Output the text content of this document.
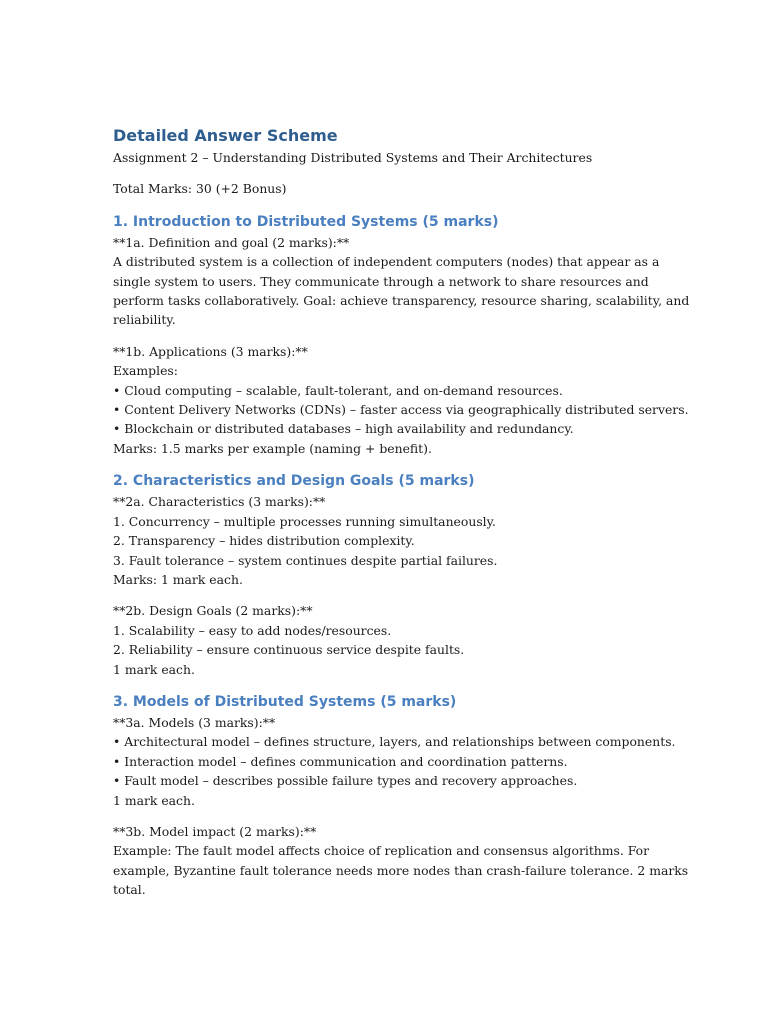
Detailed Answer Scheme

Assignment 2 – Understanding Distributed Systems and Their Architectures

Total Marks: 30 (+2 Bonus)

1. Introduction to Distributed Systems (5 marks)

**1a. Definition and goal (2 marks):**

A distributed system is a collection of independent computers (nodes) that appear as a

single system to users. They communicate through a network to share resources and

perform tasks collaboratively. Goal: achieve transparency, resource sharing, scalability, and

reliability.

**1b. Applications (3 marks):**

Examples:

• Cloud computing – scalable, fault-tolerant, and on-demand resources.

• Content Delivery Networks (CDNs) – faster access via geographically distributed servers.

• Blockchain or distributed databases – high availability and redundancy.

Marks: 1.5 marks per example (naming + benefit).

2. Characteristics and Design Goals (5 marks)

**2a. Characteristics (3 marks):**

1. Concurrency – multiple processes running simultaneously.

2. Transparency – hides distribution complexity.

3. Fault tolerance – system continues despite partial failures.

Marks: 1 mark each.

**2b. Design Goals (2 marks):**

1. Scalability – easy to add nodes/resources.

2. Reliability – ensure continuous service despite faults.

1 mark each.

3. Models of Distributed Systems (5 marks)

**3a. Models (3 marks):**

• Architectural model – defines structure, layers, and relationships between components.

• Interaction model – defines communication and coordination patterns.

• Fault model – describes possible failure types and recovery approaches.

1 mark each.

**3b. Model impact (2 marks):**

Example: The fault model affects choice of replication and consensus algorithms. For

example, Byzantine fault tolerance needs more nodes than crash-failure tolerance. 2 marks

total.
